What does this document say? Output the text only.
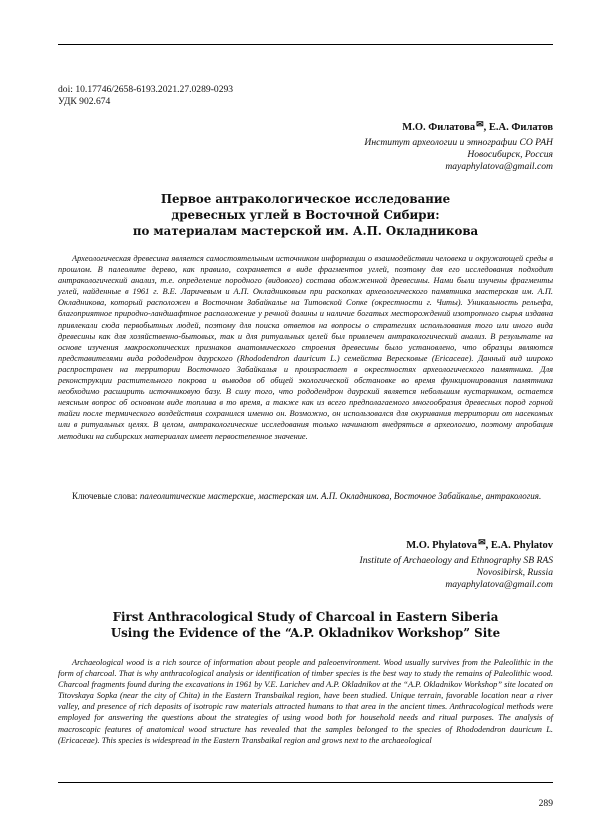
doi: 10.17746/2658-6193.2021.27.0289-0293
УДК 902.674
М.О. Филатова✉, Е.А. Филатов
Институт археологии и этнографии СО РАН
Новосибирск, Россия
mayaphylatova@gmail.com
Первое антракологическое исследование
древесных углей в Восточной Сибири:
по материалам мастерской им. А.П. Окладникова

Археологическая древесина является самостоятельным источником информации о взаимодействии человека и окружающей среды в прошлом. В палеолите дерево, как правило, сохраняется в виде фрагментов углей, поэтому для его исследования подходит антракологический анализ, т.е. определение породного (видового) состава обожженной древесины. Нами были изучены фрагменты углей, найденные в 1961 г. В.Е. Ларичевым и А.П. Окладниковым при раскопках археологического памятника мастерская им. А.П. Окладникова, который расположен в Восточном Забайкалье на Титовской Сопке (окрестности г. Читы). Уникальность рельефа, благоприятное природно-ландшафтное расположение у речной долины и наличие богатых месторождений изотропного сырья издавна привлекали сюда первобытных людей, поэтому для поиска ответов на вопросы о стратегиях использования того или иного вида древесины как для хозяйственно-бытовых, так и для ритуальных целей был привлечен антракологический анализ. В результате на основе изучения макроскопических признаков анатомического строения древесины было установлено, что образцы являются представителями вида рододендрон даурского (Rhododendron dauricum L.) семейства Вересковые (Ericaceae). Данный вид широко распространен на территории Восточного Забайкалья и произрастает в окрестностях археологического памятника. Для реконструкции растительного покрова и выводов об общей экологической обстановке во время функционирования памятника необходимо расширить источниковую базу. В силу того, что рододендрон даурский является небольшим кустарником, остается неясным вопрос об основном виде топлива в то время, а также как из всего предполагаемого многообразия древесных пород горной тайги после термического воздействия сохранился именно он. Возможно, он использовался для окуривания территории от насекомых или в ритуальных целях. В целом, антракологические исследования только начинают внедряться в археологию, поэтому апробация методики на сибирских материалах имеет первостепенное значение.

Ключевые слова: палеолитические мастерские, мастерская им. А.П. Окладникова, Восточное Забайкалье, антракология.
M.O. Phylatova✉, E.A. Phylatov
Institute of Archaeology and Ethnography SB RAS
Novosibirsk, Russia
mayaphylatova@gmail.com
First Anthracological Study of Charcoal in Eastern Siberia
Using the Evidence of the “A.P. Okladnikov Workshop” Site

Archaeological wood is a rich source of information about people and paleoenvironment. Wood usually survives from the Paleolithic in the form of charcoal. That is why anthracological analysis or identification of timber species is the best way to study the remains of Paleolithic wood. Charcoal fragments found during the excavations in 1961 by V.E. Larichev and A.P. Okladnikov at the “A.P. Okladnikov Workshop” site located on Titovskaya Sopka (near the city of Chita) in the Eastern Transbaikal region, have been studied. Unique terrain, favorable location near a river valley, and presence of rich deposits of isotropic raw materials attracted humans to that area in the ancient times. Anthracological methods were employed for answering the questions about the strategies of using wood both for household needs and ritual purposes. The analysis of macroscopic features of anatomical wood structure has revealed that the samples belonged to the species of Rhododendron dauricum L. (Ericaceae). This species is widespread in the Eastern Transbaikal region and grows next to the archaeological

289
